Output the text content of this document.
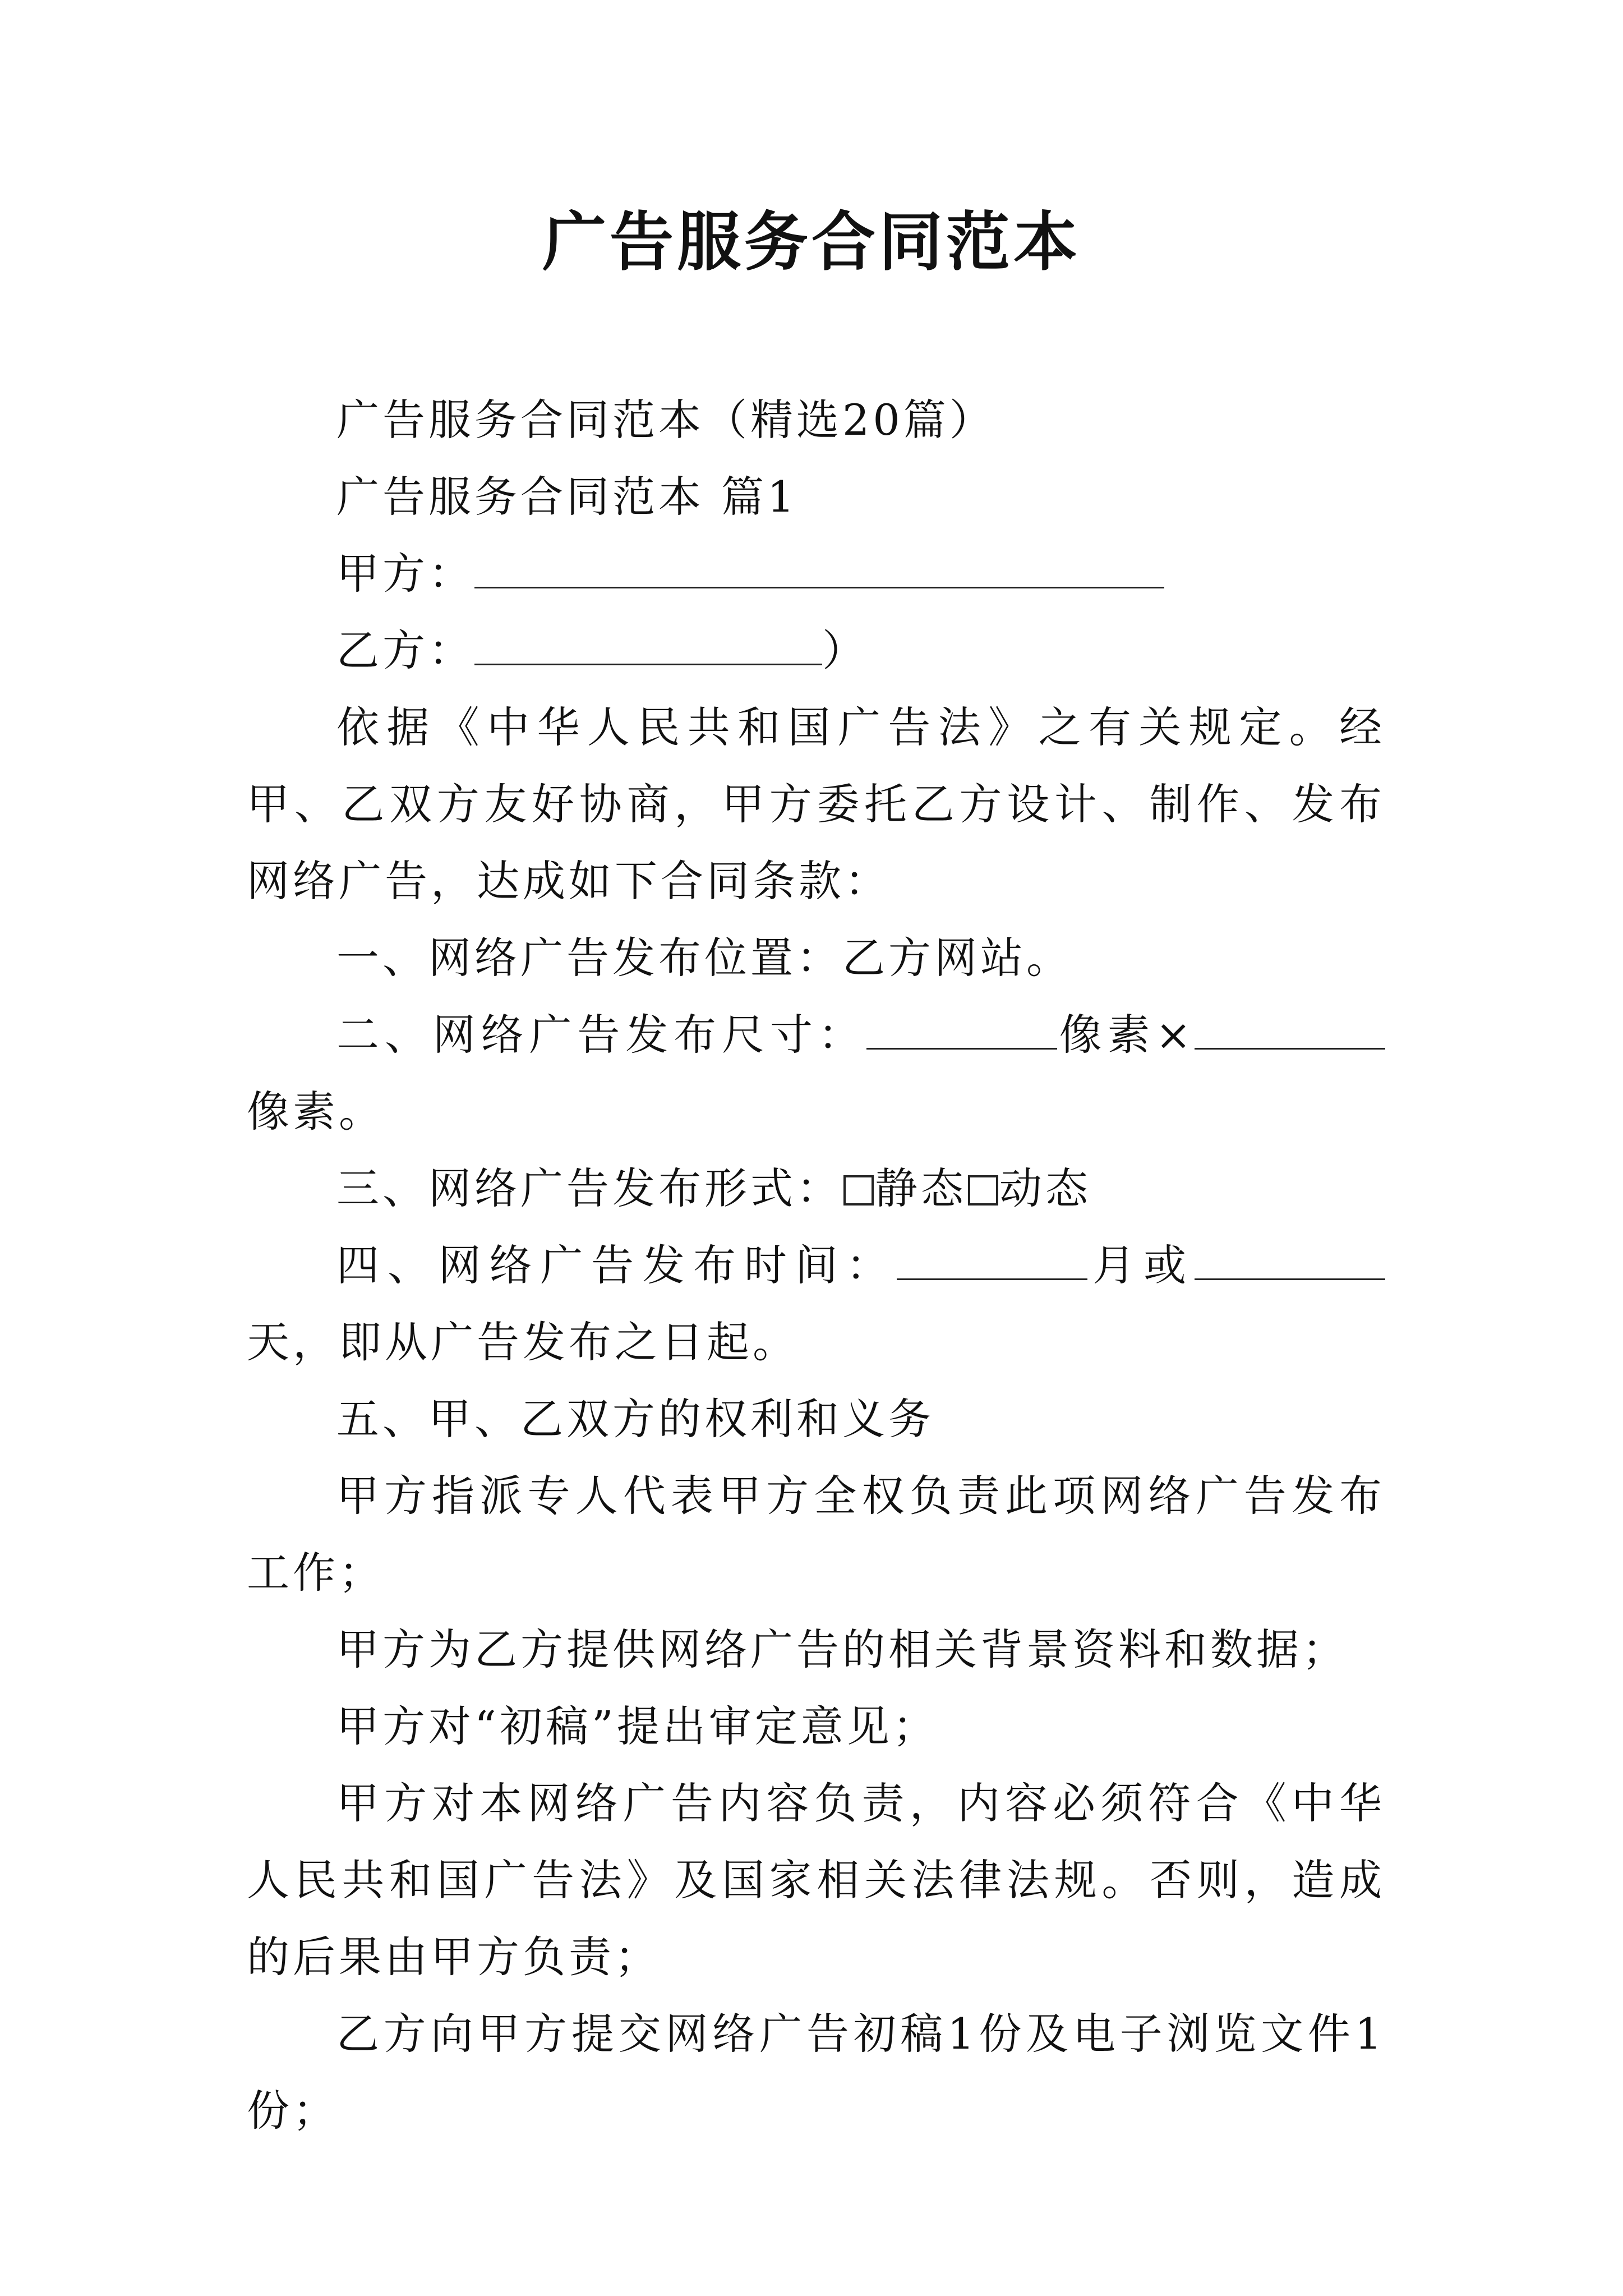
广告服务合同范本

广告服务合同范本（精选20篇）

广告服务合同范本 篇1

甲方：

乙方：	）

依据《中华人民共和国广告法》之有关规定。经甲、乙双方友好协商，甲方委托乙方设计、制作、发布网络广告，达成如下合同条款：

一、网络广告发布位置：乙方网站。

二、网络广告发布尺寸：	像素×像素。

三、网络广告发布形式： 静态 动态

四、网络广告发布时间：	月或天，即从广告发布之日起。

五、甲、乙双方的权利和义务

甲方指派专人代表甲方全权负责此项网络广告发布工作；

甲方为乙方提供网络广告的相关背景资料和数据；

甲方对“初稿”提出审定意见；

甲方对本网络广告内容负责，内容必须符合《中华人民共和国广告法》及国家相关法律法规。否则，造成的后果由甲方负责；

乙方向甲方提交网络广告初稿1份及电子浏览文件1份；
